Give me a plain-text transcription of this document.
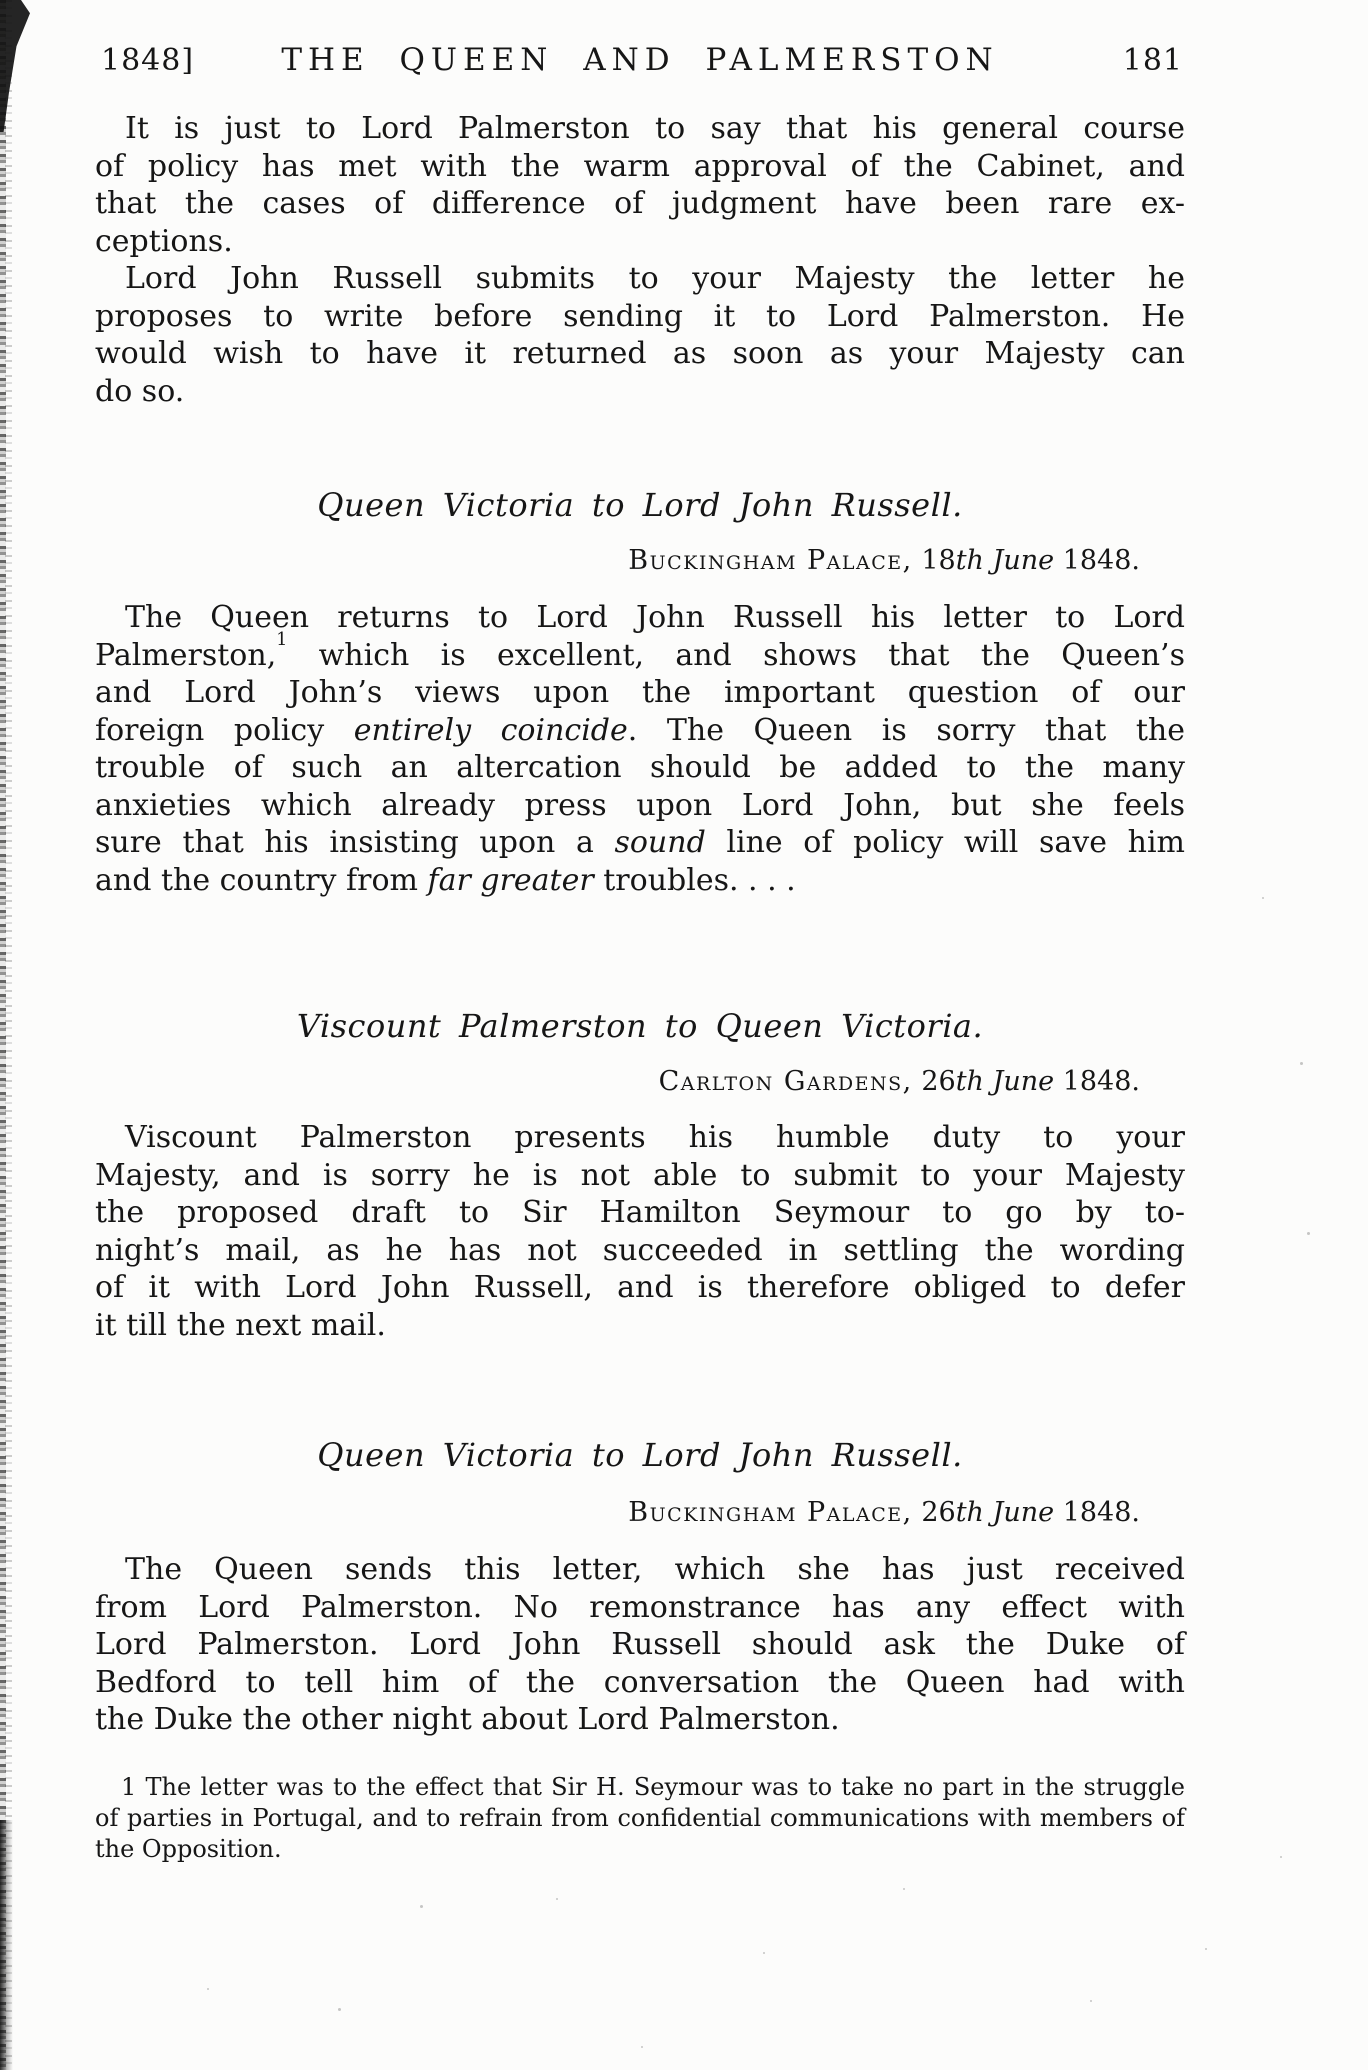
1848]	THE QUEEN AND PALMERSTON	181
It is just to Lord Palmerston to say that his general course
of policy has met with the warm approval of the Cabinet, and
that the cases of difference of judgment have been rare ex-
ceptions.
Lord John Russell submits to your Majesty the letter he
proposes to write before sending it to Lord Palmerston. He
would wish to have it returned as soon as your Majesty can
do so.
Queen Victoria to Lord John Russell.
Buckingham Palace, 18th June 1848.
The Queen returns to Lord John Russell his letter to Lord
Palmerston,$^1$ which is excellent, and shows that the Queen’s
and Lord John’s views upon the important question of our
foreign policy entirely coincide. The Queen is sorry that the
trouble of such an altercation should be added to the many
anxieties which already press upon Lord John, but she feels
sure that his insisting upon a sound line of policy will save him
and the country from far greater troubles. . . .
Viscount Palmerston to Queen Victoria.
Carlton Gardens, 26th June 1848.
Viscount Palmerston presents his humble duty to your
Majesty, and is sorry he is not able to submit to your Majesty
the proposed draft to Sir Hamilton Seymour to go by to-
night’s mail, as he has not succeeded in settling the wording
of it with Lord John Russell, and is therefore obliged to defer
it till the next mail.
Queen Victoria to Lord John Russell.
Buckingham Palace, 26th June 1848.
The Queen sends this letter, which she has just received
from Lord Palmerston. No remonstrance has any effect with
Lord Palmerston. Lord John Russell should ask the Duke of
Bedford to tell him of the conversation the Queen had with
the Duke the other night about Lord Palmerston.
1 The letter was to the effect that Sir H. Seymour was to take no part in the struggle
of parties in Portugal, and to refrain from confidential communications with members of
the Opposition.
